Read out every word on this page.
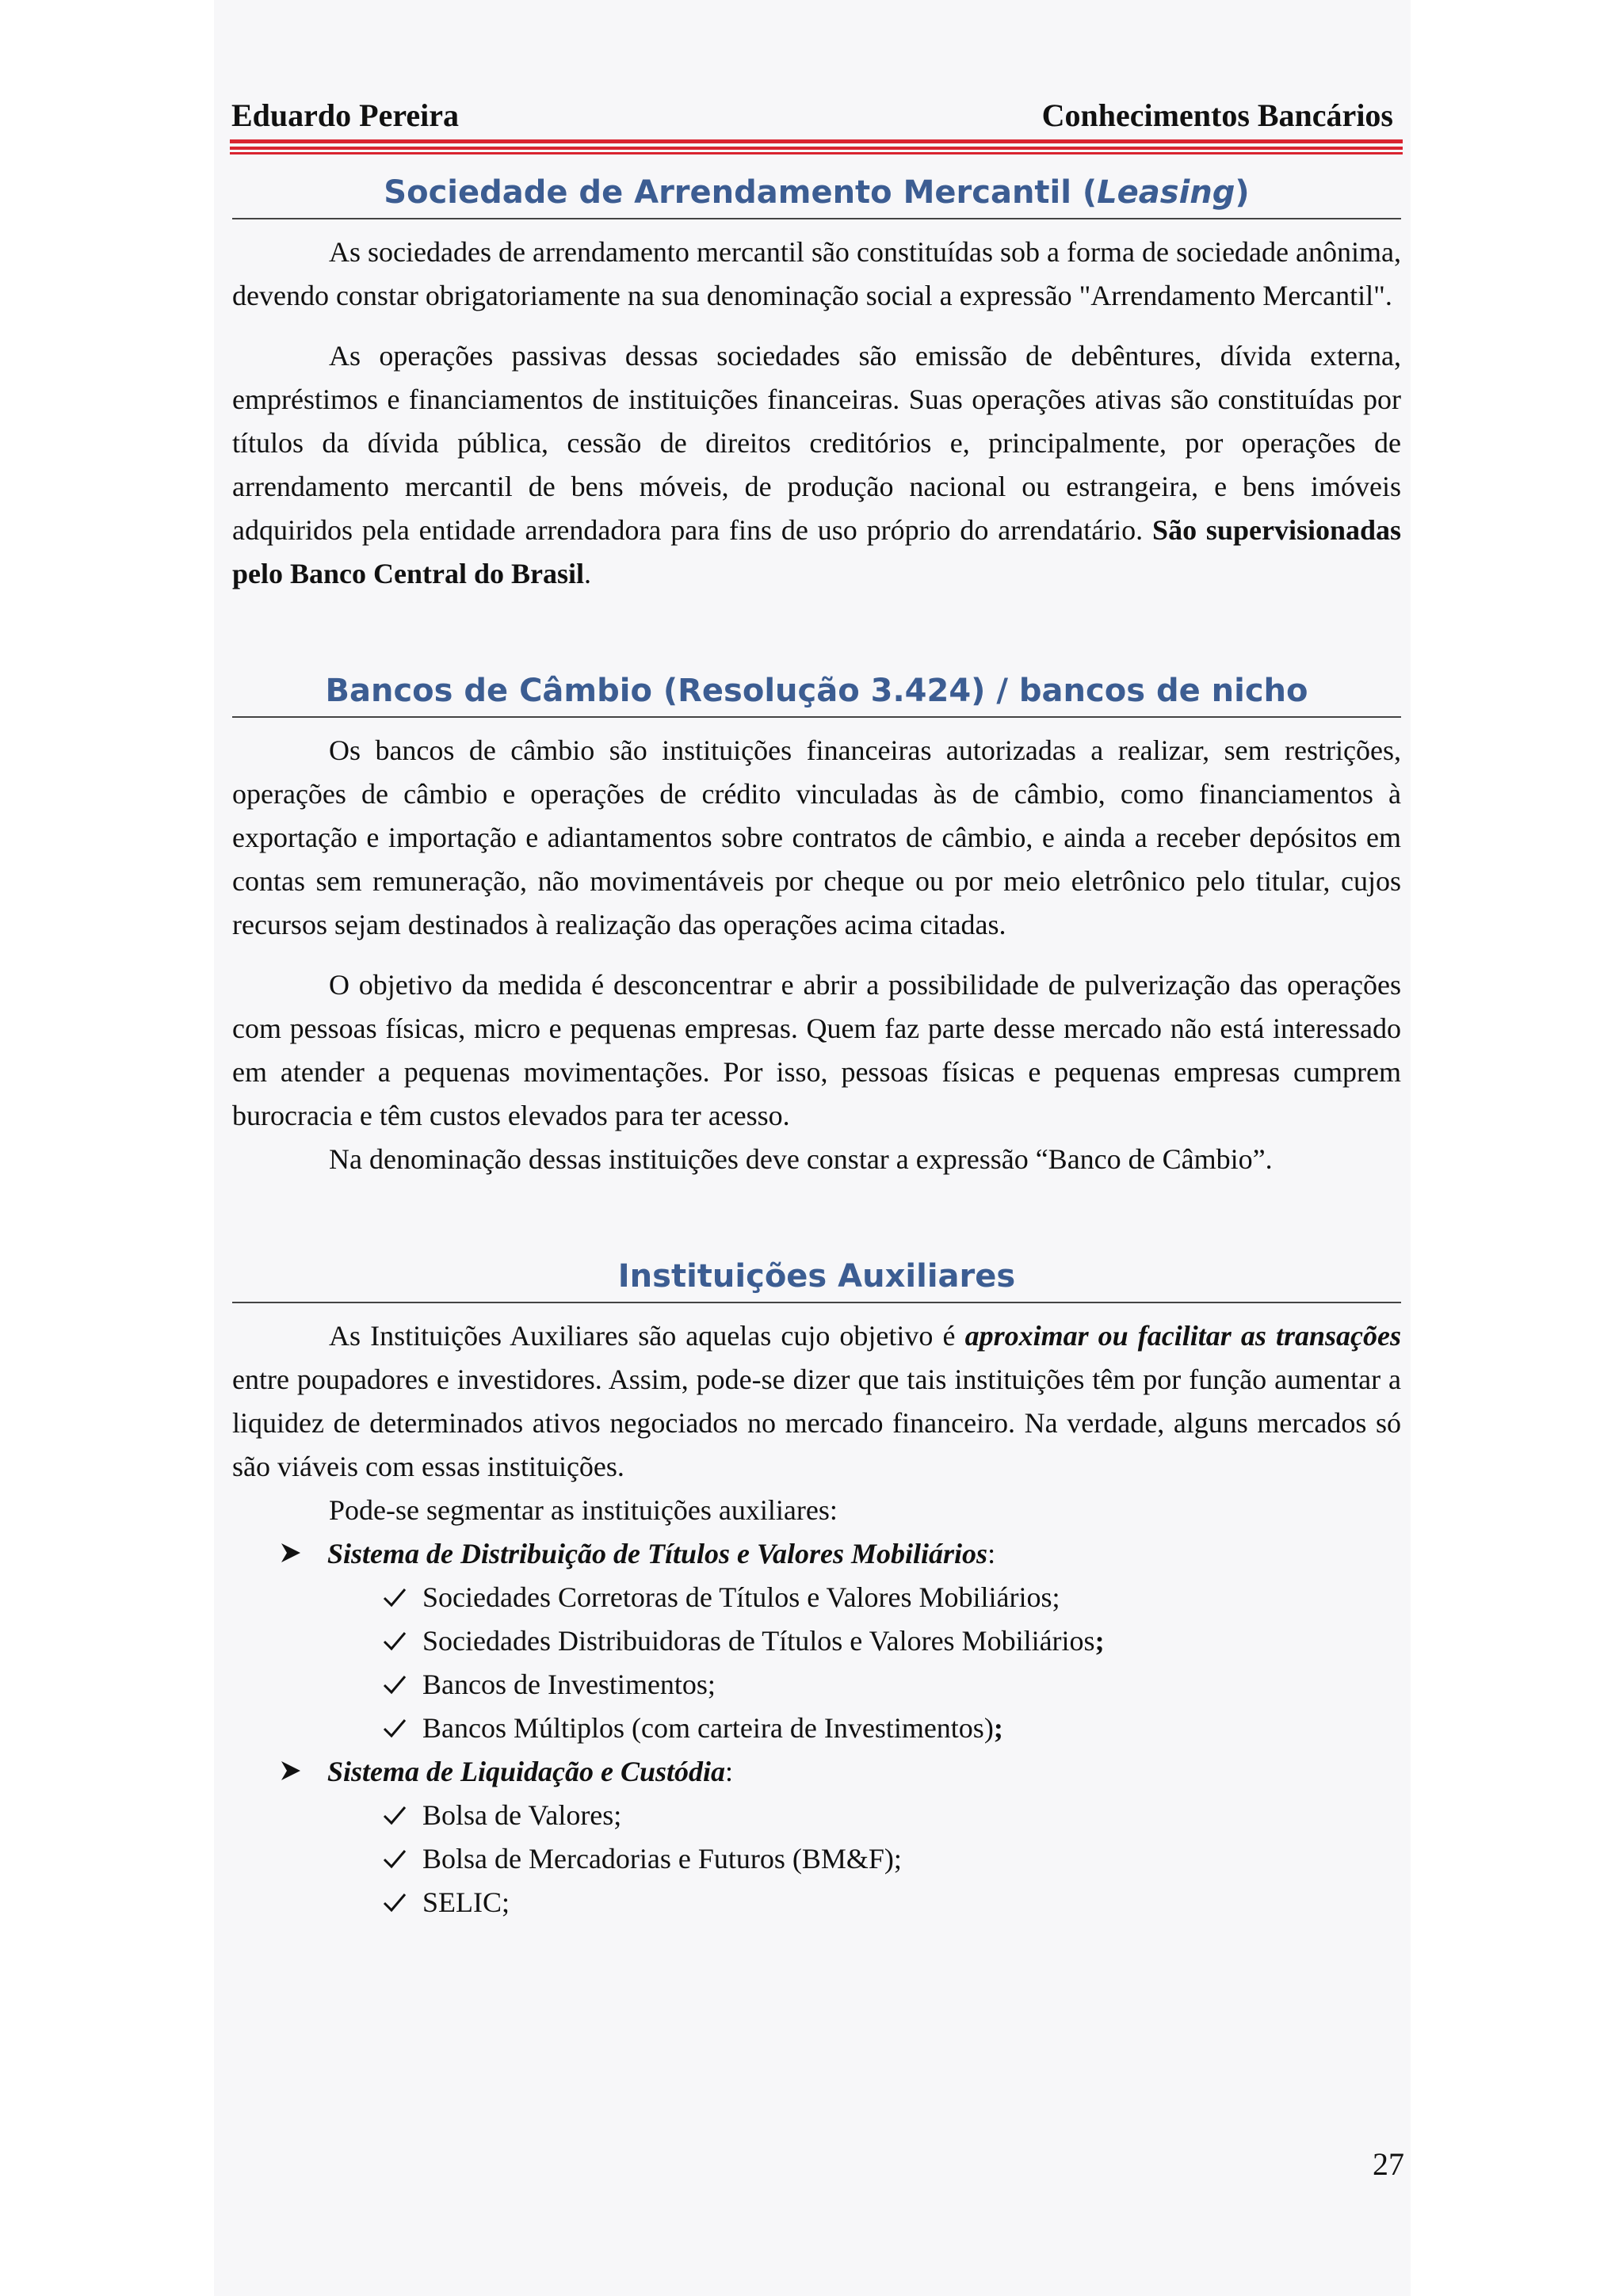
Eduardo Pereira	Conhecimentos Bancários
Sociedade de Arrendamento Mercantil (Leasing)

As sociedades de arrendamento mercantil são constituídas sob a forma de sociedade anônima, devendo constar obrigatoriamente na sua denominação social a expressão "Arrendamento Mercantil".

As operações passivas dessas sociedades são emissão de debêntures, dívida externa, empréstimos e financiamentos de instituições financeiras. Suas operações ativas são constituídas por títulos da dívida pública, cessão de direitos creditórios e, principalmente, por operações de arrendamento mercantil de bens móveis, de produção nacional ou estrangeira, e bens imóveis adquiridos pela entidade arrendadora para fins de uso próprio do arrendatário. São supervisionadas pelo Banco Central do Brasil.

Bancos de Câmbio (Resolução 3.424) / bancos de nicho

Os bancos de câmbio são instituições financeiras autorizadas a realizar, sem restrições, operações de câmbio e operações de crédito vinculadas às de câmbio, como financiamentos à exportação e importação e adiantamentos sobre contratos de câmbio, e ainda a receber depósitos em contas sem remuneração, não movimentáveis por cheque ou por meio eletrônico pelo titular, cujos recursos sejam destinados à realização das operações acima citadas.

O objetivo da medida é desconcentrar e abrir a possibilidade de pulverização das operações com pessoas físicas, micro e pequenas empresas. Quem faz parte desse mercado não está interessado em atender a pequenas movimentações. Por isso, pessoas físicas e pequenas empresas cumprem burocracia e têm custos elevados para ter acesso.

Na denominação dessas instituições deve constar a expressão “Banco de Câmbio”.

Instituições Auxiliares

As Instituições Auxiliares são aquelas cujo objetivo é aproximar ou facilitar as transações entre poupadores e investidores. Assim, pode-se dizer que tais instituições têm por função aumentar a liquidez de determinados ativos negociados no mercado financeiro. Na verdade, alguns mercados só são viáveis com essas instituições.

Pode-se segmentar as instituições auxiliares:

Sistema de Distribuição de Títulos e Valores Mobiliários:
Sociedades Corretoras de Títulos e Valores Mobiliários;
Sociedades Distribuidoras de Títulos e Valores Mobiliários;
Bancos de Investimentos;
Bancos Múltiplos (com carteira de Investimentos);
Sistema de Liquidação e Custódia:
Bolsa de Valores;
Bolsa de Mercadorias e Futuros (BM&F);
SELIC;
27
